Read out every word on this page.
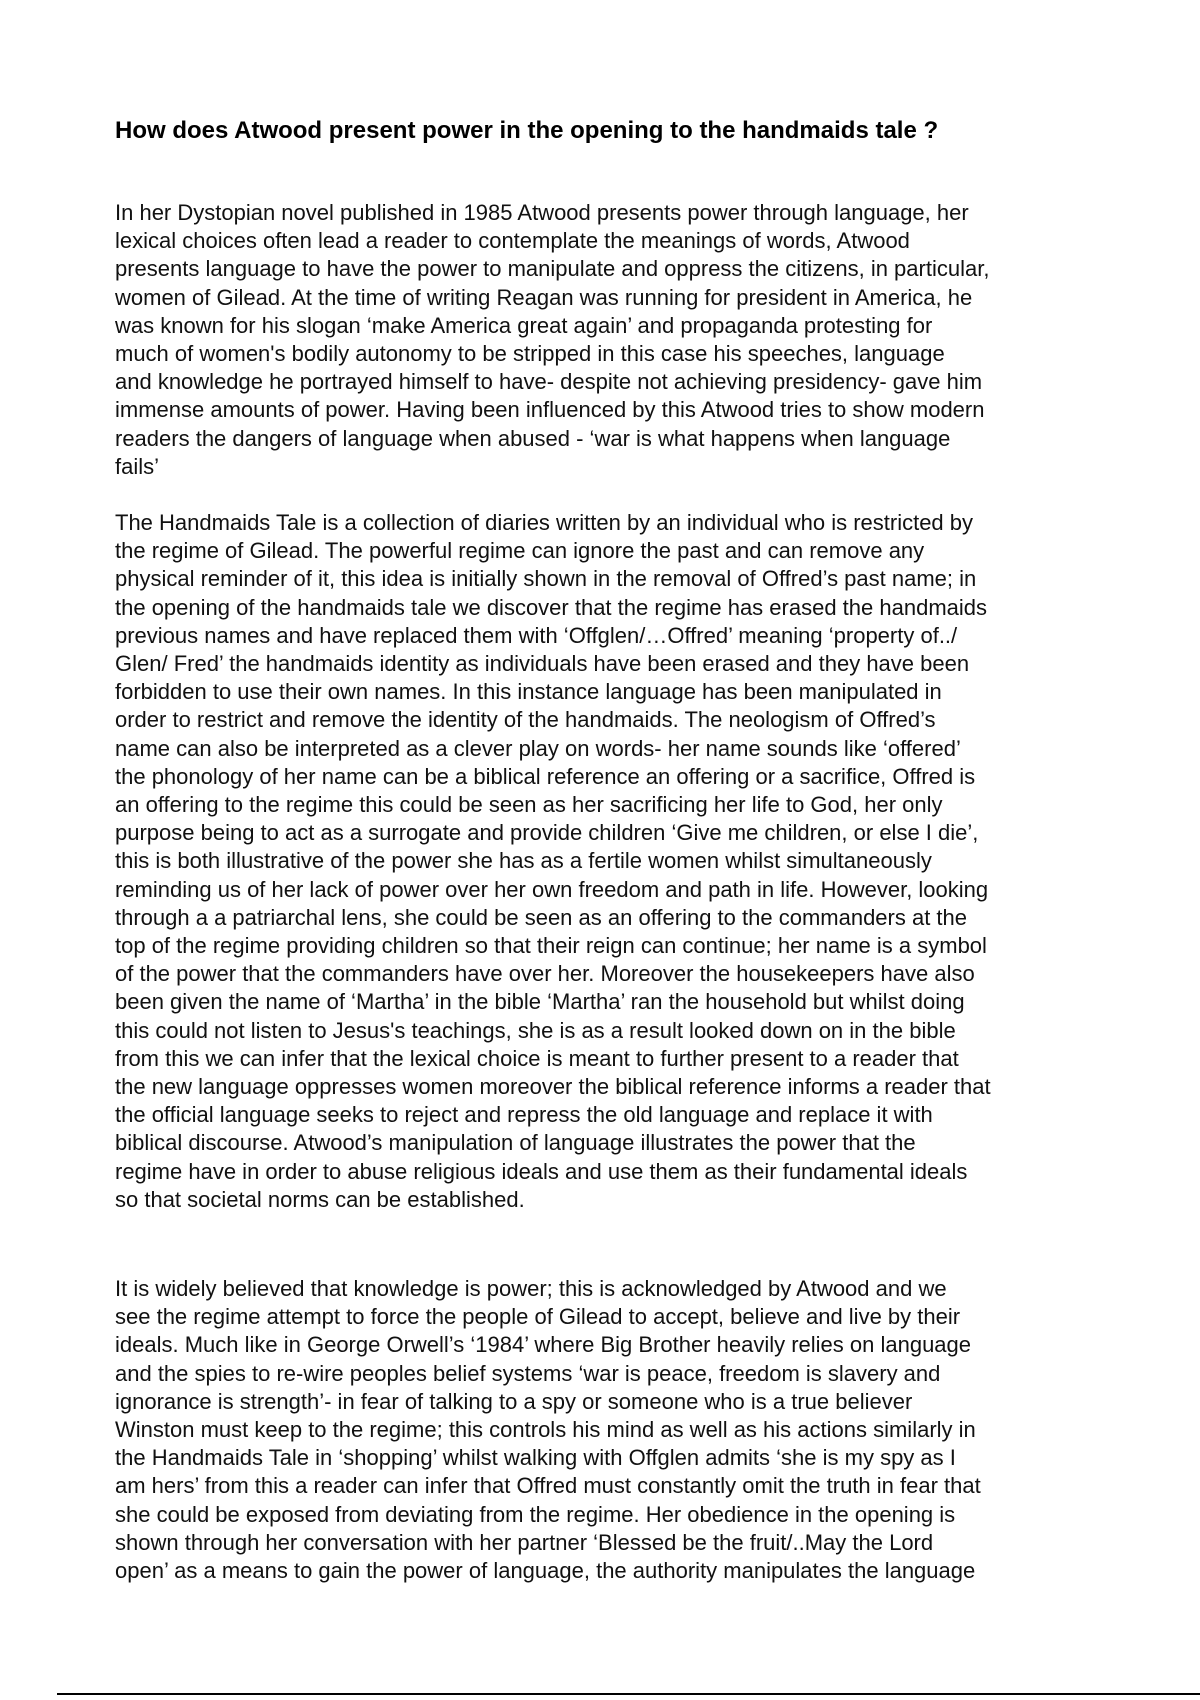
How does Atwood present power in the opening to the handmaids tale ?

In her Dystopian novel published in 1985 Atwood presents power through language, her
lexical choices often lead a reader to contemplate the meanings of words, Atwood
presents language to have the power to manipulate and oppress the citizens, in particular,
women of Gilead. At the time of writing Reagan was running for president in America, he
was known for his slogan ‘make America great again’ and propaganda protesting for
much of women's bodily autonomy to be stripped in this case his speeches, language
and knowledge he portrayed himself to have- despite not achieving presidency- gave him
immense amounts of power. Having been influenced by this Atwood tries to show modern
readers the dangers of language when abused - ‘war is what happens when language
fails’

The Handmaids Tale is a collection of diaries written by an individual who is restricted by
the regime of Gilead. The powerful regime can ignore the past and can remove any
physical reminder of it, this idea is initially shown in the removal of Offred’s past name; in
the opening of the handmaids tale we discover that the regime has erased the handmaids
previous names and have replaced them with ‘Offglen/…Offred’ meaning ‘property of../
Glen/ Fred’ the handmaids identity as individuals have been erased and they have been
forbidden to use their own names. In this instance language has been manipulated in
order to restrict and remove the identity of the handmaids. The neologism of Offred’s
name can also be interpreted as a clever play on words- her name sounds like ‘offered’
the phonology of her name can be a biblical reference an offering or a sacrifice, Offred is
an offering to the regime this could be seen as her sacrificing her life to God, her only
purpose being to act as a surrogate and provide children ‘Give me children, or else I die’,
this is both illustrative of the power she has as a fertile women whilst simultaneously
reminding us of her lack of power over her own freedom and path in life. However, looking
through a a patriarchal lens, she could be seen as an offering to the commanders at the
top of the regime providing children so that their reign can continue; her name is a symbol
of the power that the commanders have over her. Moreover the housekeepers have also
been given the name of ‘Martha’ in the bible ‘Martha’ ran the household but whilst doing
this could not listen to Jesus's teachings, she is as a result looked down on in the bible
from this we can infer that the lexical choice is meant to further present to a reader that
the new language oppresses women moreover the biblical reference informs a reader that
the official language seeks to reject and repress the old language and replace it with
biblical discourse. Atwood’s manipulation of language illustrates the power that the
regime have in order to abuse religious ideals and use them as their fundamental ideals
so that societal norms can be established.

It is widely believed that knowledge is power; this is acknowledged by Atwood and we
see the regime attempt to force the people of Gilead to accept, believe and live by their
ideals. Much like in George Orwell’s ‘1984’ where Big Brother heavily relies on language
and the spies to re-wire peoples belief systems ‘war is peace, freedom is slavery and
ignorance is strength’- in fear of talking to a spy or someone who is a true believer
Winston must keep to the regime; this controls his mind as well as his actions similarly in
the Handmaids Tale in ‘shopping’ whilst walking with Offglen admits ‘she is my spy as I
am hers’ from this a reader can infer that Offred must constantly omit the truth in fear that
she could be exposed from deviating from the regime. Her obedience in the opening is
shown through her conversation with her partner ‘Blessed be the fruit/..May the Lord
open’ as a means to gain the power of language, the authority manipulates the language
